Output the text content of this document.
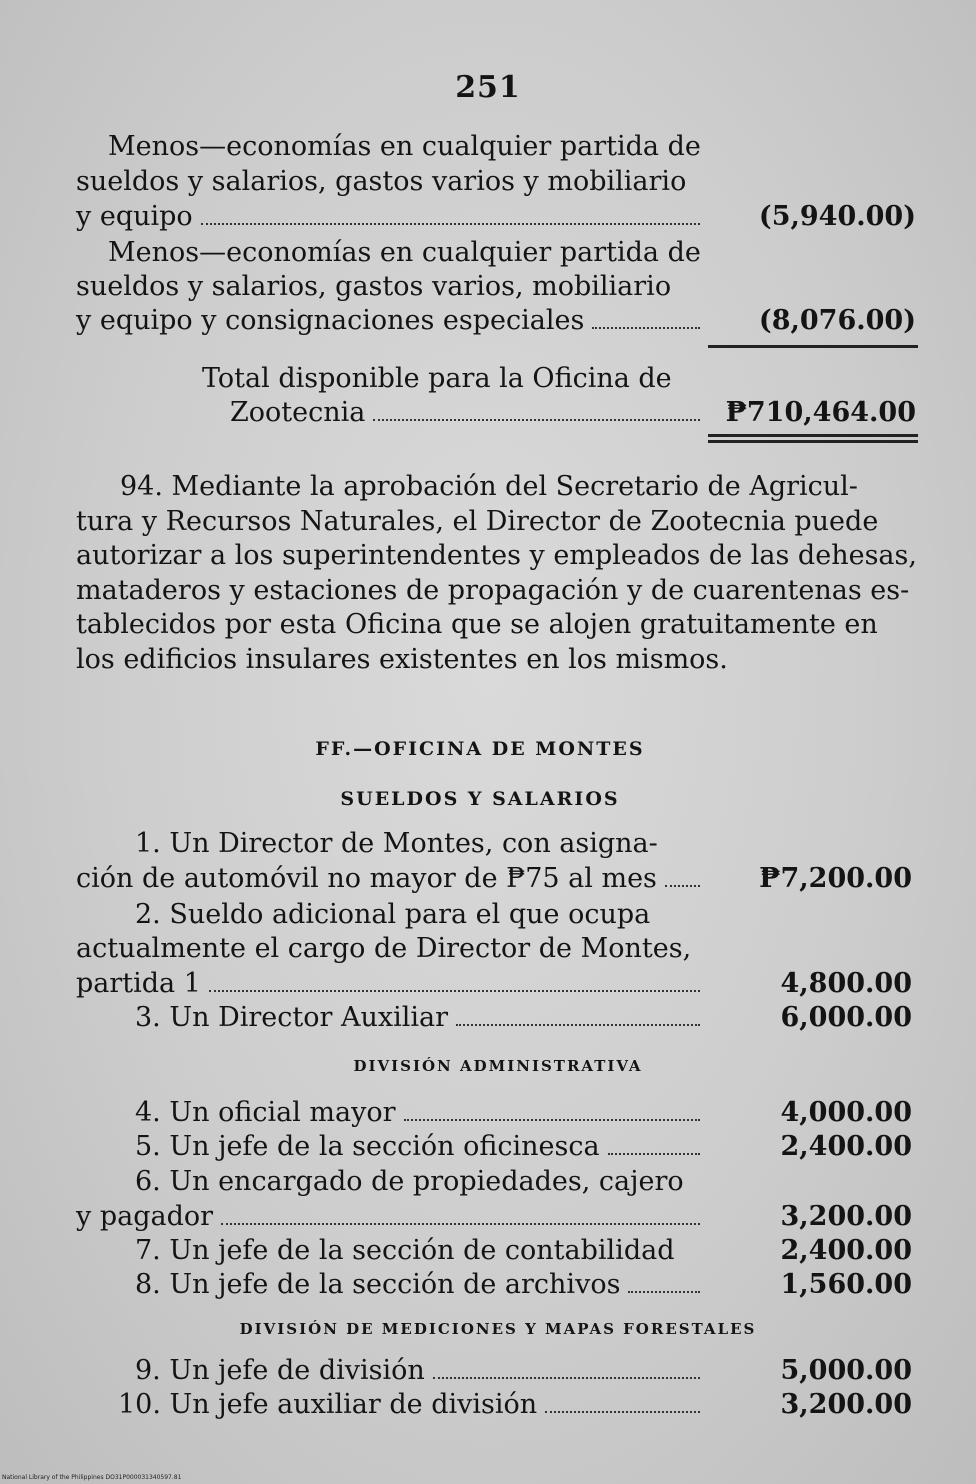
251
Menos—economías en cualquier partida de
sueldos y salarios, gastos varios y mobiliario
y equipo	(5,940.00)
Menos—economías en cualquier partida de
sueldos y salarios, gastos varios, mobiliario
y equipo y consignaciones especiales	(8,076.00)
Total disponible para la Oficina de
Zootecnia	₱710,464.00
94. Mediante la aprobación del Secretario de Agricul-
tura y Recursos Naturales, el Director de Zootecnia puede
autorizar a los superintendentes y empleados de las dehesas,
mataderos y estaciones de propagación y de cuarentenas es-
tablecidos por esta Oficina que se alojen gratuitamente en
los edificios insulares existentes en los mismos.
FF.—OFICINA DE MONTES
SUELDOS Y SALARIOS
1. Un Director de Montes, con asigna-
ción de automóvil no mayor de ₱75 al mes	₱7,200.00
2. Sueldo adicional para el que ocupa
actualmente el cargo de Director de Montes,
partida 1	4,800.00
3. Un Director Auxiliar	6,000.00
DIVISIÓN ADMINISTRATIVA
4. Un oficial mayor	4,000.00
5. Un jefe de la sección oficinesca	2,400.00
6. Un encargado de propiedades, cajero
y pagador	3,200.00
7. Un jefe de la sección de contabilidad	2,400.00
8. Un jefe de la sección de archivos	1,560.00
DIVISIÓN DE MEDICIONES Y MAPAS FORESTALES
9. Un jefe de división	5,000.00
10. Un jefe auxiliar de división	3,200.00
National Library of the Philippines DO31P000031340597.81
